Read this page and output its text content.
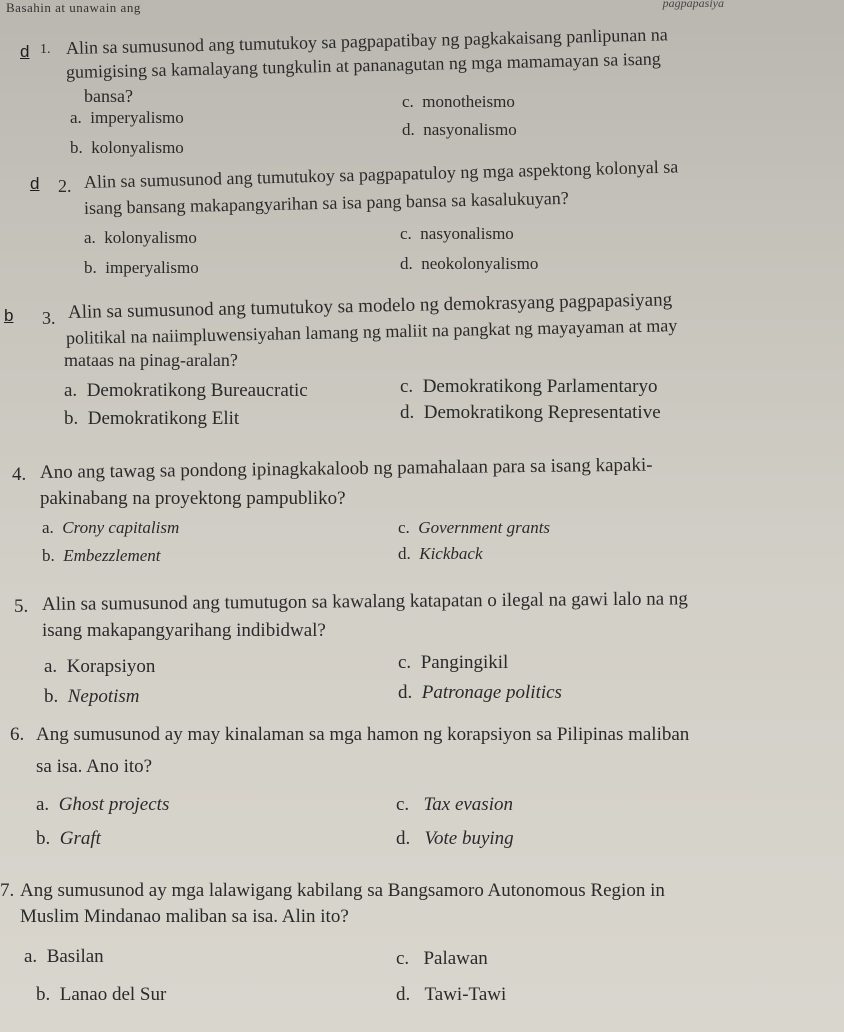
Basahin at unawain ang	pagpapasiya
d 1. Alin sa sumusunod ang tumutukoy sa pagpapatibay ng pagkakaisang panlipunan na
gumigising sa kamalayang tungkulin at pananagutan ng mga mamamayan sa isang
bansa?
a.  imperyalismo
b.  kolonyalismo
c.  monotheismo
d.  nasyonalismo
d 2. Alin sa sumusunod ang tumutukoy sa pagpapatuloy ng mga aspektong kolonyal sa
isang bansang makapangyarihan sa isa pang bansa sa kasalukuyan?
a.  kolonyalismo
b.  imperyalismo
c.  nasyonalismo
d.  neokolonyalismo
b 3. Alin sa sumusunod ang tumutukoy sa modelo ng demokrasyang pagpapasiyang
politikal na naiimpluwensiyahan lamang ng maliit na pangkat ng mayayaman at may
mataas na pinag-aralan?
a.  Demokratikong Bureaucratic
b.  Demokratikong Elit
c.  Demokratikong Parlamentaryo
d.  Demokratikong Representative
4. Ano ang tawag sa pondong ipinagkakaloob ng pamahalaan para sa isang kapaki-
pakinabang na proyektong pampubliko?
a.  Crony capitalism
b.  Embezzlement
c.  Government grants
d.  Kickback
5. Alin sa sumusunod ang tumutugon sa kawalang katapatan o ilegal na gawi lalo na ng
isang makapangyarihang indibidwal?
a.  Korapsiyon
b.  Nepotism
c.  Pangingikil
d.  Patronage politics
6. Ang sumusunod ay may kinalaman sa mga hamon ng korapsiyon sa Pilipinas maliban
sa isa. Ano ito?
a.  Ghost projects
b.  Graft
c.   Tax evasion
d.   Vote buying
7. Ang sumusunod ay mga lalawigang kabilang sa Bangsamoro Autonomous Region in
Muslim Mindanao maliban sa isa. Alin ito?
a.  Basilan
b.  Lanao del Sur
c.   Palawan
d.   Tawi-Tawi
